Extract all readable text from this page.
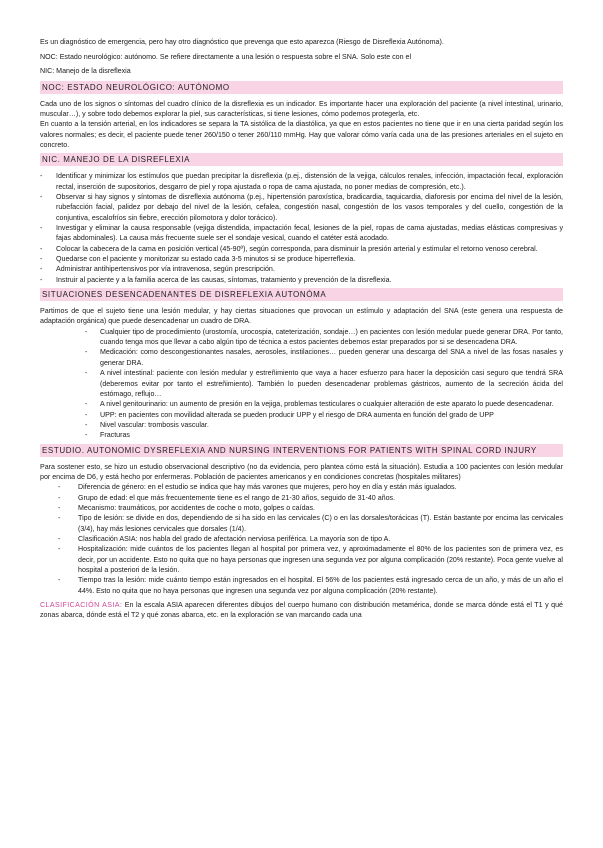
Es un diagnóstico de emergencia, pero hay otro diagnóstico que prevenga que esto aparezca (Riesgo de Disreflexia Autónoma).

NOC: Estado neurológico: autónomo. Se refiere directamente a una lesión o respuesta sobre el SNA. Solo este con el

NIC: Manejo de la disreflexia

NOC: ESTADO NEUROLÓGICO: AUTÓNOMO

Cada uno de los signos o síntomas del cuadro clínico de la disreflexia es un indicador. Es importante hacer una exploración del paciente (a nivel intestinal, urinario, muscular…), y sobre todo debemos explorar la piel, sus características, si tiene lesiones, cómo podemos protegerla, etc.

En cuanto a la tensión arterial, en los indicadores se separa la TA sistólica de la diastólica, ya que en estos pacientes no tiene que ir en una cierta paridad según los valores normales; es decir, el paciente puede tener 260/150 o tener 260/110 mmHg. Hay que valorar cómo varía cada una de las presiones arteriales en el sujeto en concreto.

NIC. MANEJO DE LA DISREFLEXIA
- Identificar y minimizar los estímulos que puedan precipitar la disreflexia (p.ej., distensión de la vejiga, cálculos renales, infección, impactación fecal, exploración rectal, inserción de supositorios, desgarro de piel y ropa ajustada o ropa de cama ajustada, no poner medias de compresión, etc.).
- Observar si hay signos y síntomas de disreflexia autónoma (p.ej., hipertensión paroxística, bradicardia, taquicardia, diaforesis por encima del nivel de la lesión, rubefacción facial, palidez por debajo del nivel de la lesión, cefalea, congestión nasal, congestión de los vasos temporales y del cuello, congestión de la conjuntiva, escalofríos sin fiebre, erección pilomotora y dolor torácico).
- Investigar y eliminar la causa responsable (vejiga distendida, impactación fecal, lesiones de la piel, ropas de cama ajustadas, medias elásticas compresivas y fajas abdominales). La causa más frecuente suele ser el sondaje vesical, cuando el catéter está acodado.
- Colocar la cabecera de la cama en posición vertical (45-90º), según corresponda, para disminuir la presión arterial y estimular el retorno venoso cerebral.
- Quedarse con el paciente y monitorizar su estado cada 3-5 minutos si se produce hiperreflexia.
- Administrar antihipertensivos por vía intravenosa, según prescripción.
- Instruir al paciente y a la familia acerca de las causas, síntomas, tratamiento y prevención de la disreflexia.
SITUACIONES DESENCADENANTES DE DISREFLEXIA AUTONÓMA

Partimos de que el sujeto tiene una lesión medular, y hay ciertas situaciones que provocan un estímulo y adaptación del SNA (este genera una respuesta de adaptación orgánica) que puede desencadenar un cuadro de DRA.

- Cualquier tipo de procedimiento (urostomía, urocospia, cateterización, sondaje…) en pacientes con lesión medular puede generar DRA. Por tanto, cuando tenga mos que llevar a cabo algún tipo de técnica a estos pacientes debemos estar preparados por si se desencadena DRA.
- Medicación: como descongestionantes nasales, aerosoles, instilaciones… pueden generar una descarga del SNA a nivel de las fosas nasales y generar DRA.
- A nivel intestinal: paciente con lesión medular y estreñimiento que vaya a hacer esfuerzo para hacer la deposición casi seguro que tendrá SRA (deberemos evitar por tanto el estreñimiento). También lo pueden desencadenar problemas gástricos, aumento de la secreción ácida del estómago, reflujo…
- A nivel genitourinario: un aumento de presión en la vejiga, problemas testiculares o cualquier alteración de este aparato lo puede desencadenar.
- UPP: en pacientes con movilidad alterada se pueden producir UPP y el riesgo de DRA aumenta en función del grado de UPP
- Nivel vascular: trombosis vascular.
- Fracturas
ESTUDIO. AUTONOMIC DYSREFLEXIA AND NURSING INTERVENTIONS FOR PATIENTS WITH SPINAL CORD INJURY

Para sostener esto, se hizo un estudio observacional descriptivo (no da evidencia, pero plantea cómo está la situación). Estudia a 100 pacientes con lesión medular por encima de D6, y está hecho por enfermeras. Población de pacientes americanos y en condiciones concretas (hospitales militares)

- Diferencia de género: en el estudio se indica que hay más varones que mujeres, pero hoy en día y están más igualados.
- Grupo de edad: el que más frecuentemente tiene es el rango de 21-30 años, seguido de 31-40 años.
- Mecanismo: traumáticos, por accidentes de coche o moto, golpes o caídas.
- Tipo de lesión: se divide en dos, dependiendo de si ha sido en las cervicales (C) o en las dorsales/torácicas (T). Están bastante por encima las cervicales (3/4), hay más lesiones cervicales que dorsales (1/4).
- Clasificación ASIA: nos habla del grado de afectación nerviosa periférica. La mayoría son de tipo A.
- Hospitalización: mide cuántos de los pacientes llegan al hospital por primera vez, y aproximadamente el 80% de los pacientes son de primera vez, es decir, por un accidente. Esto no quita que no haya personas que ingresen una segunda vez por alguna complicación (20% restante). Poca gente vuelve al hospital a posteriori de la lesión.
- Tiempo tras la lesión: mide cuánto tiempo están ingresados en el hospital. El 56% de los pacientes está ingresado cerca de un año, y más de un año el 44%. Esto no quita que no haya personas que ingresen una segunda vez por alguna complicación (20% restante).

CLASIFICACIÓN ASIA: En la escala ASIA aparecen diferentes dibujos del cuerpo humano con distribución metamérica, donde se marca dónde está el T1 y qué zonas abarca, dónde está el T2 y qué zonas abarca, etc. en la exploración se van marcando cada una
